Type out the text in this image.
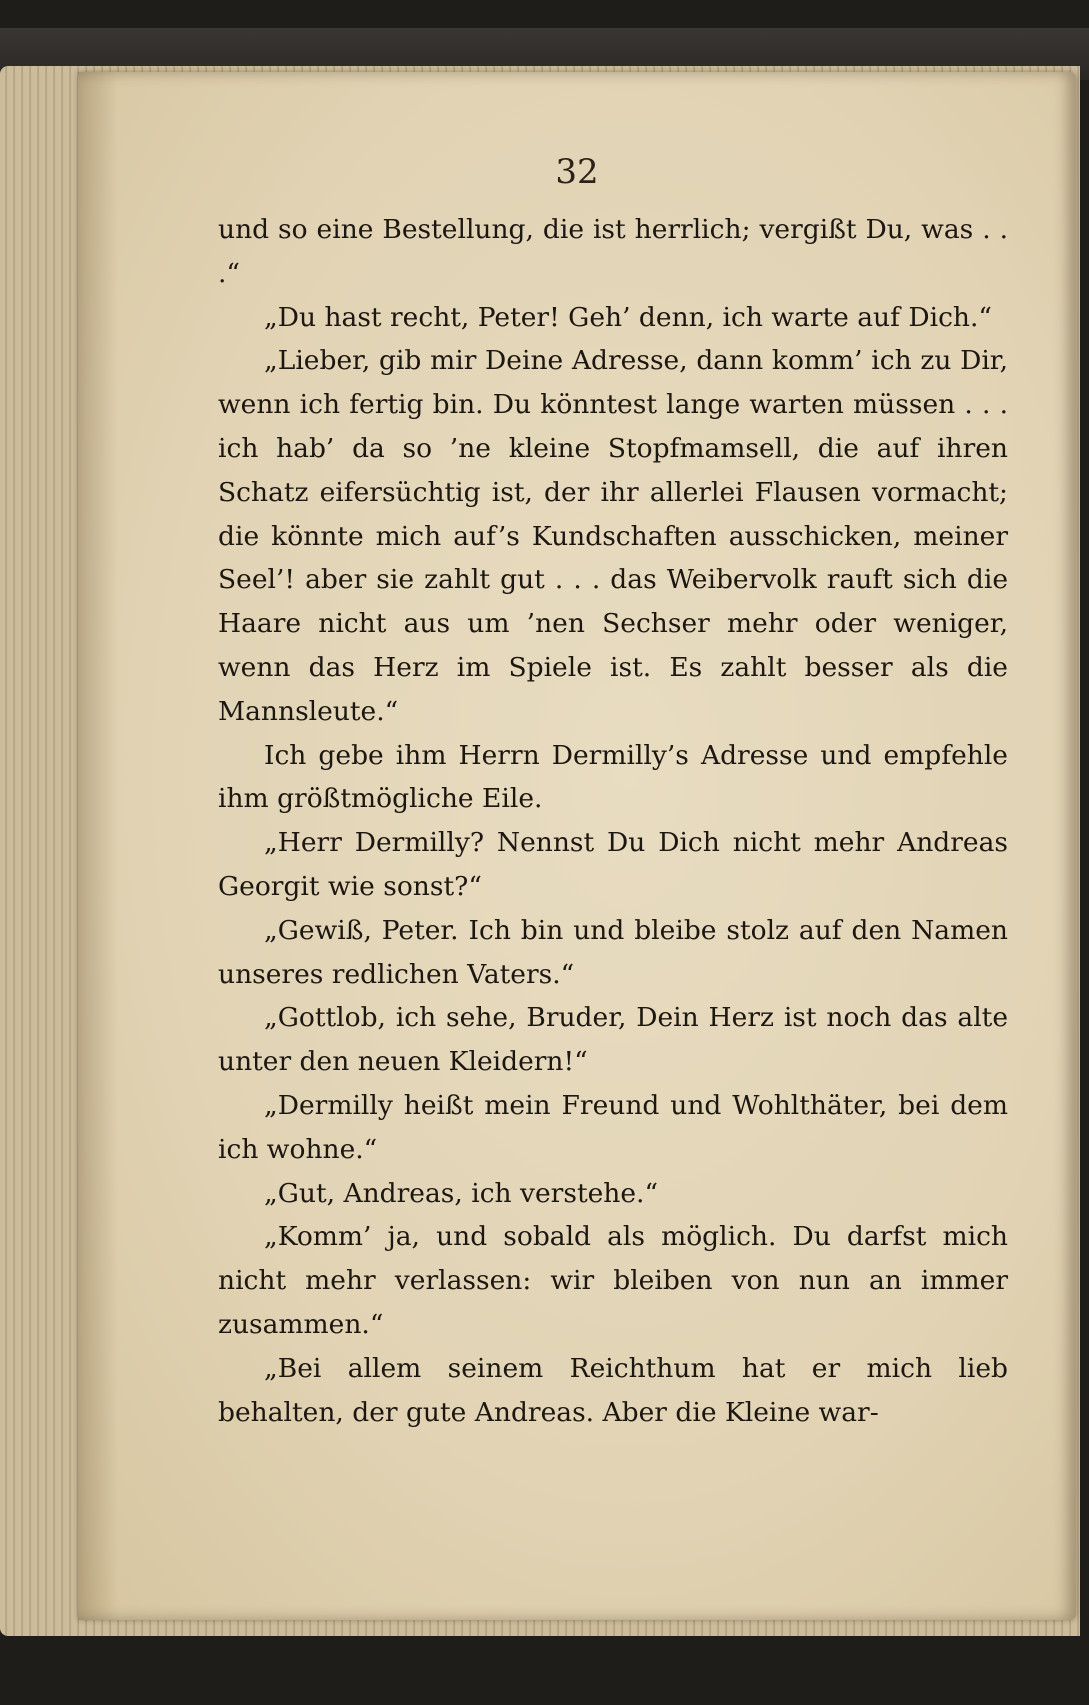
32

und so eine Bestellung, die ist herrlich; vergißt Du, was . . .“

„Du hast recht, Peter! Geh’ denn, ich warte auf Dich.“

„Lieber, gib mir Deine Adresse, dann komm’ ich zu Dir, wenn ich fertig bin. Du könntest lange warten müssen . . . ich hab’ da so ’ne kleine Stopfmamsell, die auf ihren Schatz eifersüchtig ist, der ihr allerlei Flausen vormacht; die könnte mich auf’s Kundschaften ausschicken, meiner Seel’! aber sie zahlt gut . . . das Weibervolk rauft sich die Haare nicht aus um ’nen Sechser mehr oder weniger, wenn das Herz im Spiele ist. Es zahlt besser als die Mannsleute.“

Ich gebe ihm Herrn Dermilly’s Adresse und empfehle ihm größtmögliche Eile.

„Herr Dermilly? Nennst Du Dich nicht mehr Andreas Georgit wie sonst?“

„Gewiß, Peter. Ich bin und bleibe stolz auf den Namen unseres redlichen Vaters.“

„Gottlob, ich sehe, Bruder, Dein Herz ist noch das alte unter den neuen Kleidern!“

„Dermilly heißt mein Freund und Wohlthäter, bei dem ich wohne.“

„Gut, Andreas, ich verstehe.“

„Komm’ ja, und sobald als möglich. Du darfst mich nicht mehr verlassen: wir bleiben von nun an immer zusammen.“

„Bei allem seinem Reichthum hat er mich lieb behalten, der gute Andreas. Aber die Kleine war-
